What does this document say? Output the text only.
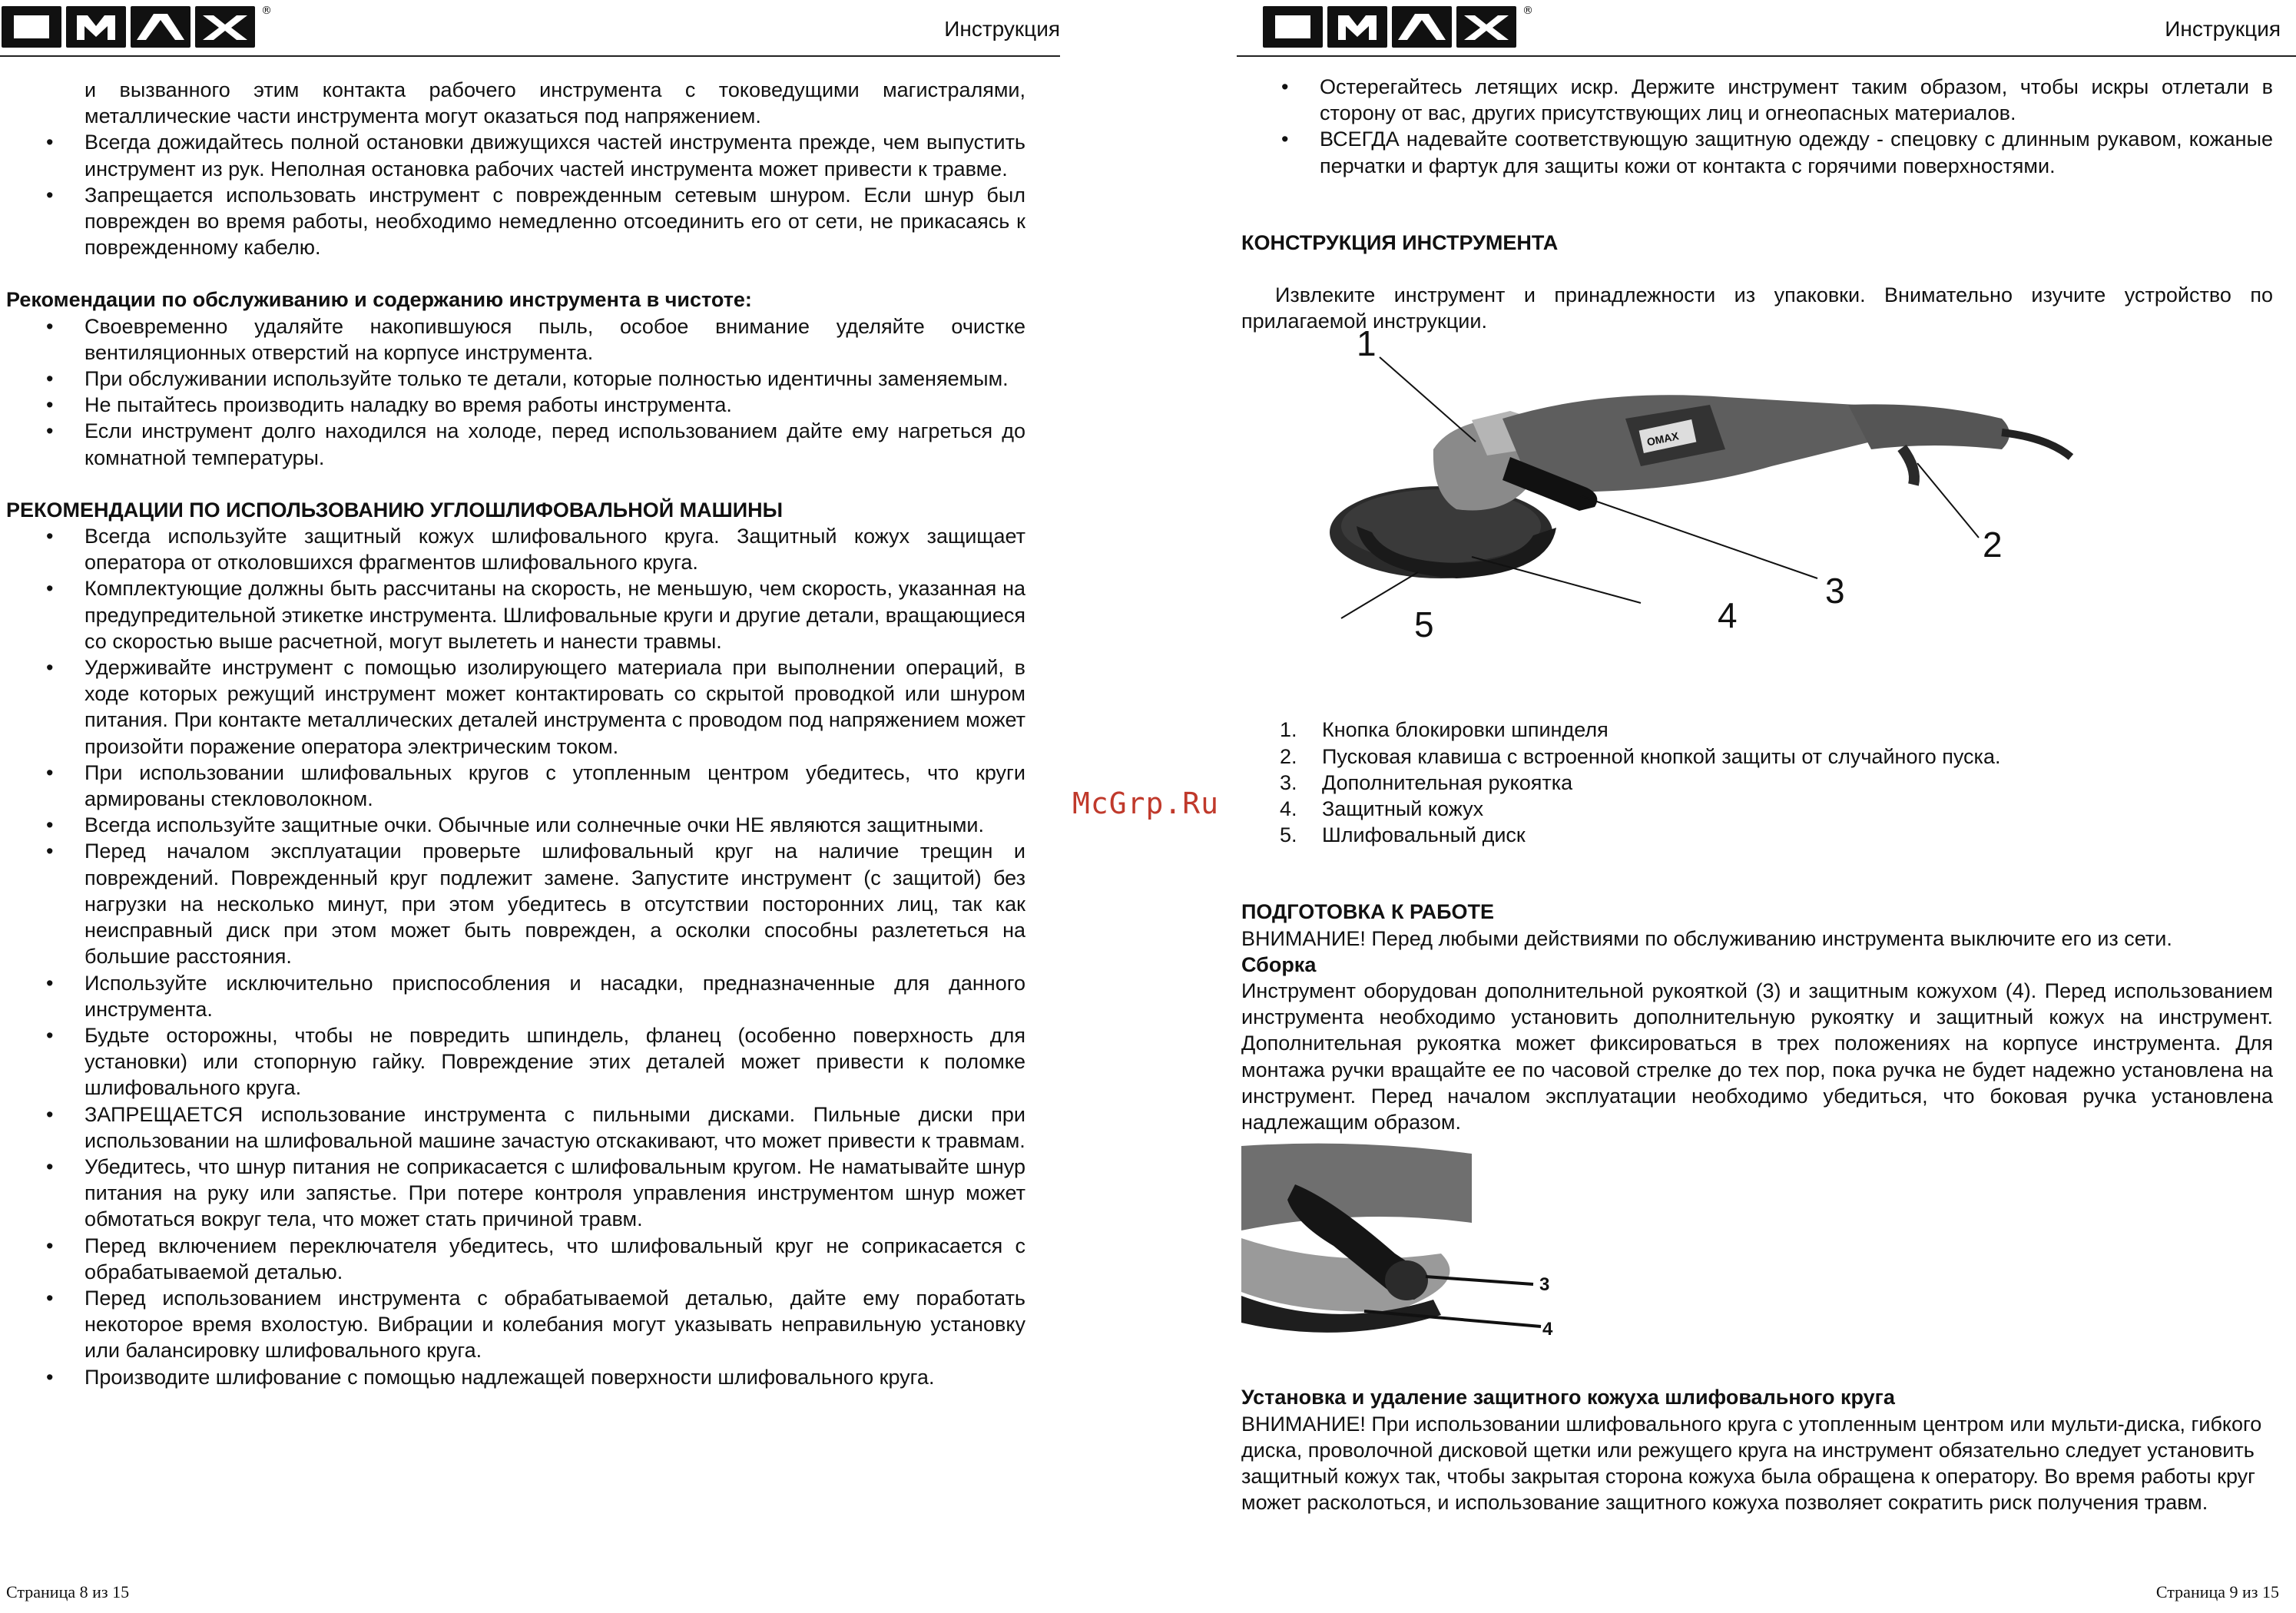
®
OMAX
Инструкция

и вызванного этим контакта рабочего инструмента с токоведущими магистралями, металлические части инструмента могут оказаться под напряжением.

• Всегда дожидайтесь полной остановки движущихся частей инструмента прежде, чем выпустить инструмент из рук. Неполная остановка рабочих частей инструмента может привести к травме.
• Запрещается использовать инструмент с поврежденным сетевым шнуром. Если шнур был поврежден во время работы, необходимо немедленно отсоединить его от сети, не прикасаясь к поврежденному кабелю.

Рекомендации по обслуживанию и содержанию инструмента в чистоте:

• Своевременно удаляйте накопившуюся пыль, особое внимание уделяйте очистке вентиляционных отверстий на корпусе инструмента.
• При обслуживании используйте только те детали, которые полностью идентичны заменяемым.
• Не пытайтесь производить наладку во время работы инструмента.
• Если инструмент долго находился на холоде, перед использованием дайте ему нагреться до комнатной температуры.

РЕКОМЕНДАЦИИ ПО ИСПОЛЬЗОВАНИЮ УГЛОШЛИФОВАЛЬНОЙ МАШИНЫ

• Всегда используйте защитный кожух шлифовального круга. Защитный кожух защищает оператора от отколовшихся фрагментов шлифовального круга.
• Комплектующие должны быть рассчитаны на скорость, не меньшую, чем скорость, указанная на предупредительной этикетке инструмента. Шлифовальные круги и другие детали, вращающиеся со скоростью выше расчетной, могут вылететь и нанести травмы.
• Удерживайте инструмент с помощью изолирующего материала при выполнении операций, в ходе которых режущий инструмент может контактировать со скрытой проводкой или шнуром питания. При контакте металлических деталей инструмента с проводом под напряжением может произойти поражение оператора электрическим током.
• При использовании шлифовальных кругов с утопленным центром убедитесь, что круги армированы стекловолокном.
• Всегда используйте защитные очки. Обычные или солнечные очки НЕ являются защитными.
• Перед началом эксплуатации проверьте шлифовальный круг на наличие трещин и повреждений. Поврежденный круг подлежит замене. Запустите инструмент (с защитой) без нагрузки на несколько минут, при этом убедитесь в отсутствии посторонних лиц, так как неисправный диск при этом может быть поврежден, а осколки способны разлететься на большие расстояния.
• Используйте исключительно приспособления и насадки, предназначенные для данного инструмента.
• Будьте осторожны, чтобы не повредить шпиндель, фланец (особенно поверхность для установки) или стопорную гайку. Повреждение этих деталей может привести к поломке шлифовального круга.
• ЗАПРЕЩАЕТСЯ использование инструмента с пильными дисками. Пильные диски при использовании на шлифовальной машине зачастую отскакивают, что может привести к травмам.
• Убедитесь, что шнур питания не соприкасается с шлифовальным кругом. Не наматывайте шнур питания на руку или запястье. При потере контроля управления инструментом шнур может обмотаться вокруг тела, что может стать причиной травм.
• Перед включением переключателя убедитесь, что шлифовальный круг не соприкасается с обрабатываемой деталью.
• Перед использованием инструмента с обрабатываемой деталью, дайте ему поработать некоторое время вхолостую. Вибрации и колебания могут указывать неправильную установку или балансировку шлифовального круга.
• Производите шлифование с помощью надлежащей поверхности шлифовального круга.
Страница 8 из 15
McGrp.Ru
®
Инструкция
• Остерегайтесь летящих искр. Держите инструмент таким образом, чтобы искры отлетали в сторону от вас, других присутствующих лиц и огнеопасных материалов.
• ВСЕГДА надевайте соответствующую защитную одежду - спецовку с длинным рукавом, кожаные перчатки и фартук для защиты кожи от контакта с горячими поверхностями.

КОНСТРУКЦИЯ ИНСТРУМЕНТА

Извлеките инструмент и принадлежности из упаковки. Внимательно изучите устройство по прилагаемой инструкции.

OMAX
1
2
3
4
5
1. Кнопка блокировки шпинделя
2. Пусковая клавиша с встроенной кнопкой защиты от случайного пуска.
3. Дополнительная рукоятка
4. Защитный кожух
5. Шлифовальный диск

ПОДГОТОВКА К РАБОТЕ

ВНИМАНИЕ! Перед любыми действиями по обслуживанию инструмента выключите его из сети.

Сборка

Инструмент оборудован дополнительной рукояткой (3) и защитным кожухом (4). Перед использованием инструмента необходимо установить дополнительную рукоятку и защитный кожух на инструмент. Дополнительная рукоятка может фиксироваться в трех положениях на корпусе инструмента. Для монтажа ручки вращайте ее по часовой стрелке до тех пор, пока ручка не будет надежно установлена на инструмент. Перед началом эксплуатации необходимо убедиться, что боковая ручка установлена надлежащим образом.

3
4

Установка и удаление защитного кожуха шлифовального круга

ВНИМАНИЕ! При использовании шлифовального круга с утопленным центром или мульти-диска, гибкого диска, проволочной дисковой щетки или режущего круга на инструмент обязательно следует установить защитный кожух так, чтобы закрытая сторона кожуха была обращена к оператору. Во время работы круг может расколоться, и использование защитного кожуха позволяет сократить риск получения травм.

Страница 9 из 15
